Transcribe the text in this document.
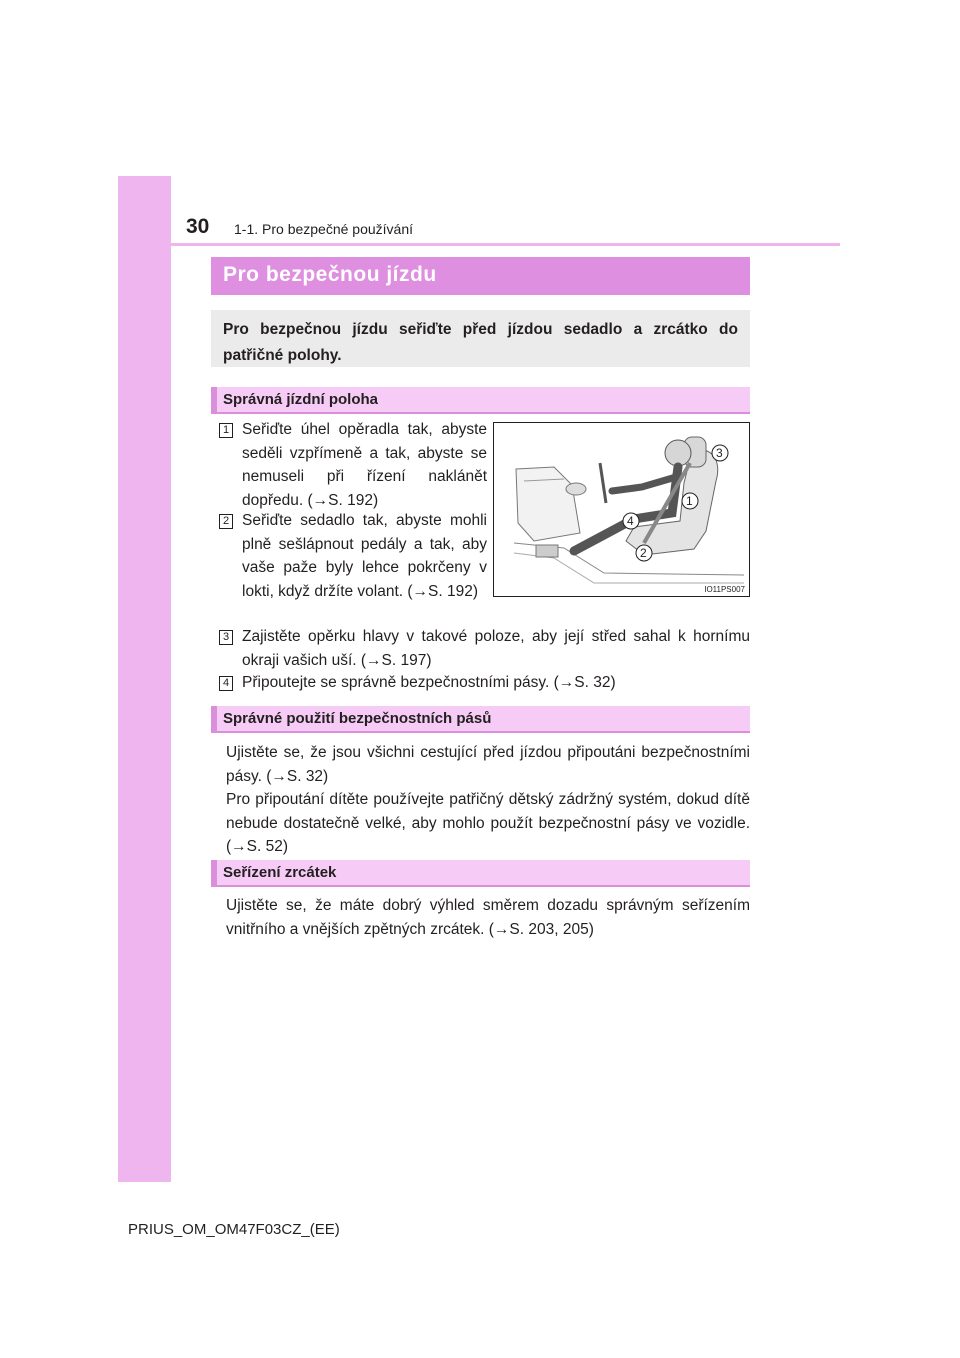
30 1-1. Pro bezpečné používání
Pro bezpečnou jízdu
Pro bezpečnou jízdu seřiďte před jízdou sedadlo a zrcátko do patřičné polohy.
Správná jízdní poloha
1 Seřiďte úhel opěradla tak, abyste seděli vzpřímeně a tak, abyste se nemuseli při řízení naklánět dopředu. (→S. 192)
2 Seřiďte sedadlo tak, abyste mohli plně sešlápnout pedály a tak, aby vaše paže byly lehce pokrčeny v lokti, když držíte volant. (→S. 192)
3
1
4
2
IO11PS007
3 Zajistěte opěrku hlavy v takové poloze, aby její střed sahal k hornímu okraji vašich uší. (→S. 197)
4 Připoutejte se správně bezpečnostními pásy. (→S. 32)
Správné použití bezpečnostních pásů
Ujistěte se, že jsou všichni cestující před jízdou připoutáni bezpečnostními pásy. (→S. 32)
Pro připoutání dítěte používejte patřičný dětský zádržný systém, dokud dítě nebude dostatečně velké, aby mohlo použít bezpečnostní pásy ve vozidle. (→S. 52)
Seřízení zrcátek
Ujistěte se, že máte dobrý výhled směrem dozadu správným seřízením vnitřního a vnějších zpětných zrcátek. (→S. 203, 205)
PRIUS_OM_OM47F03CZ_(EE)
